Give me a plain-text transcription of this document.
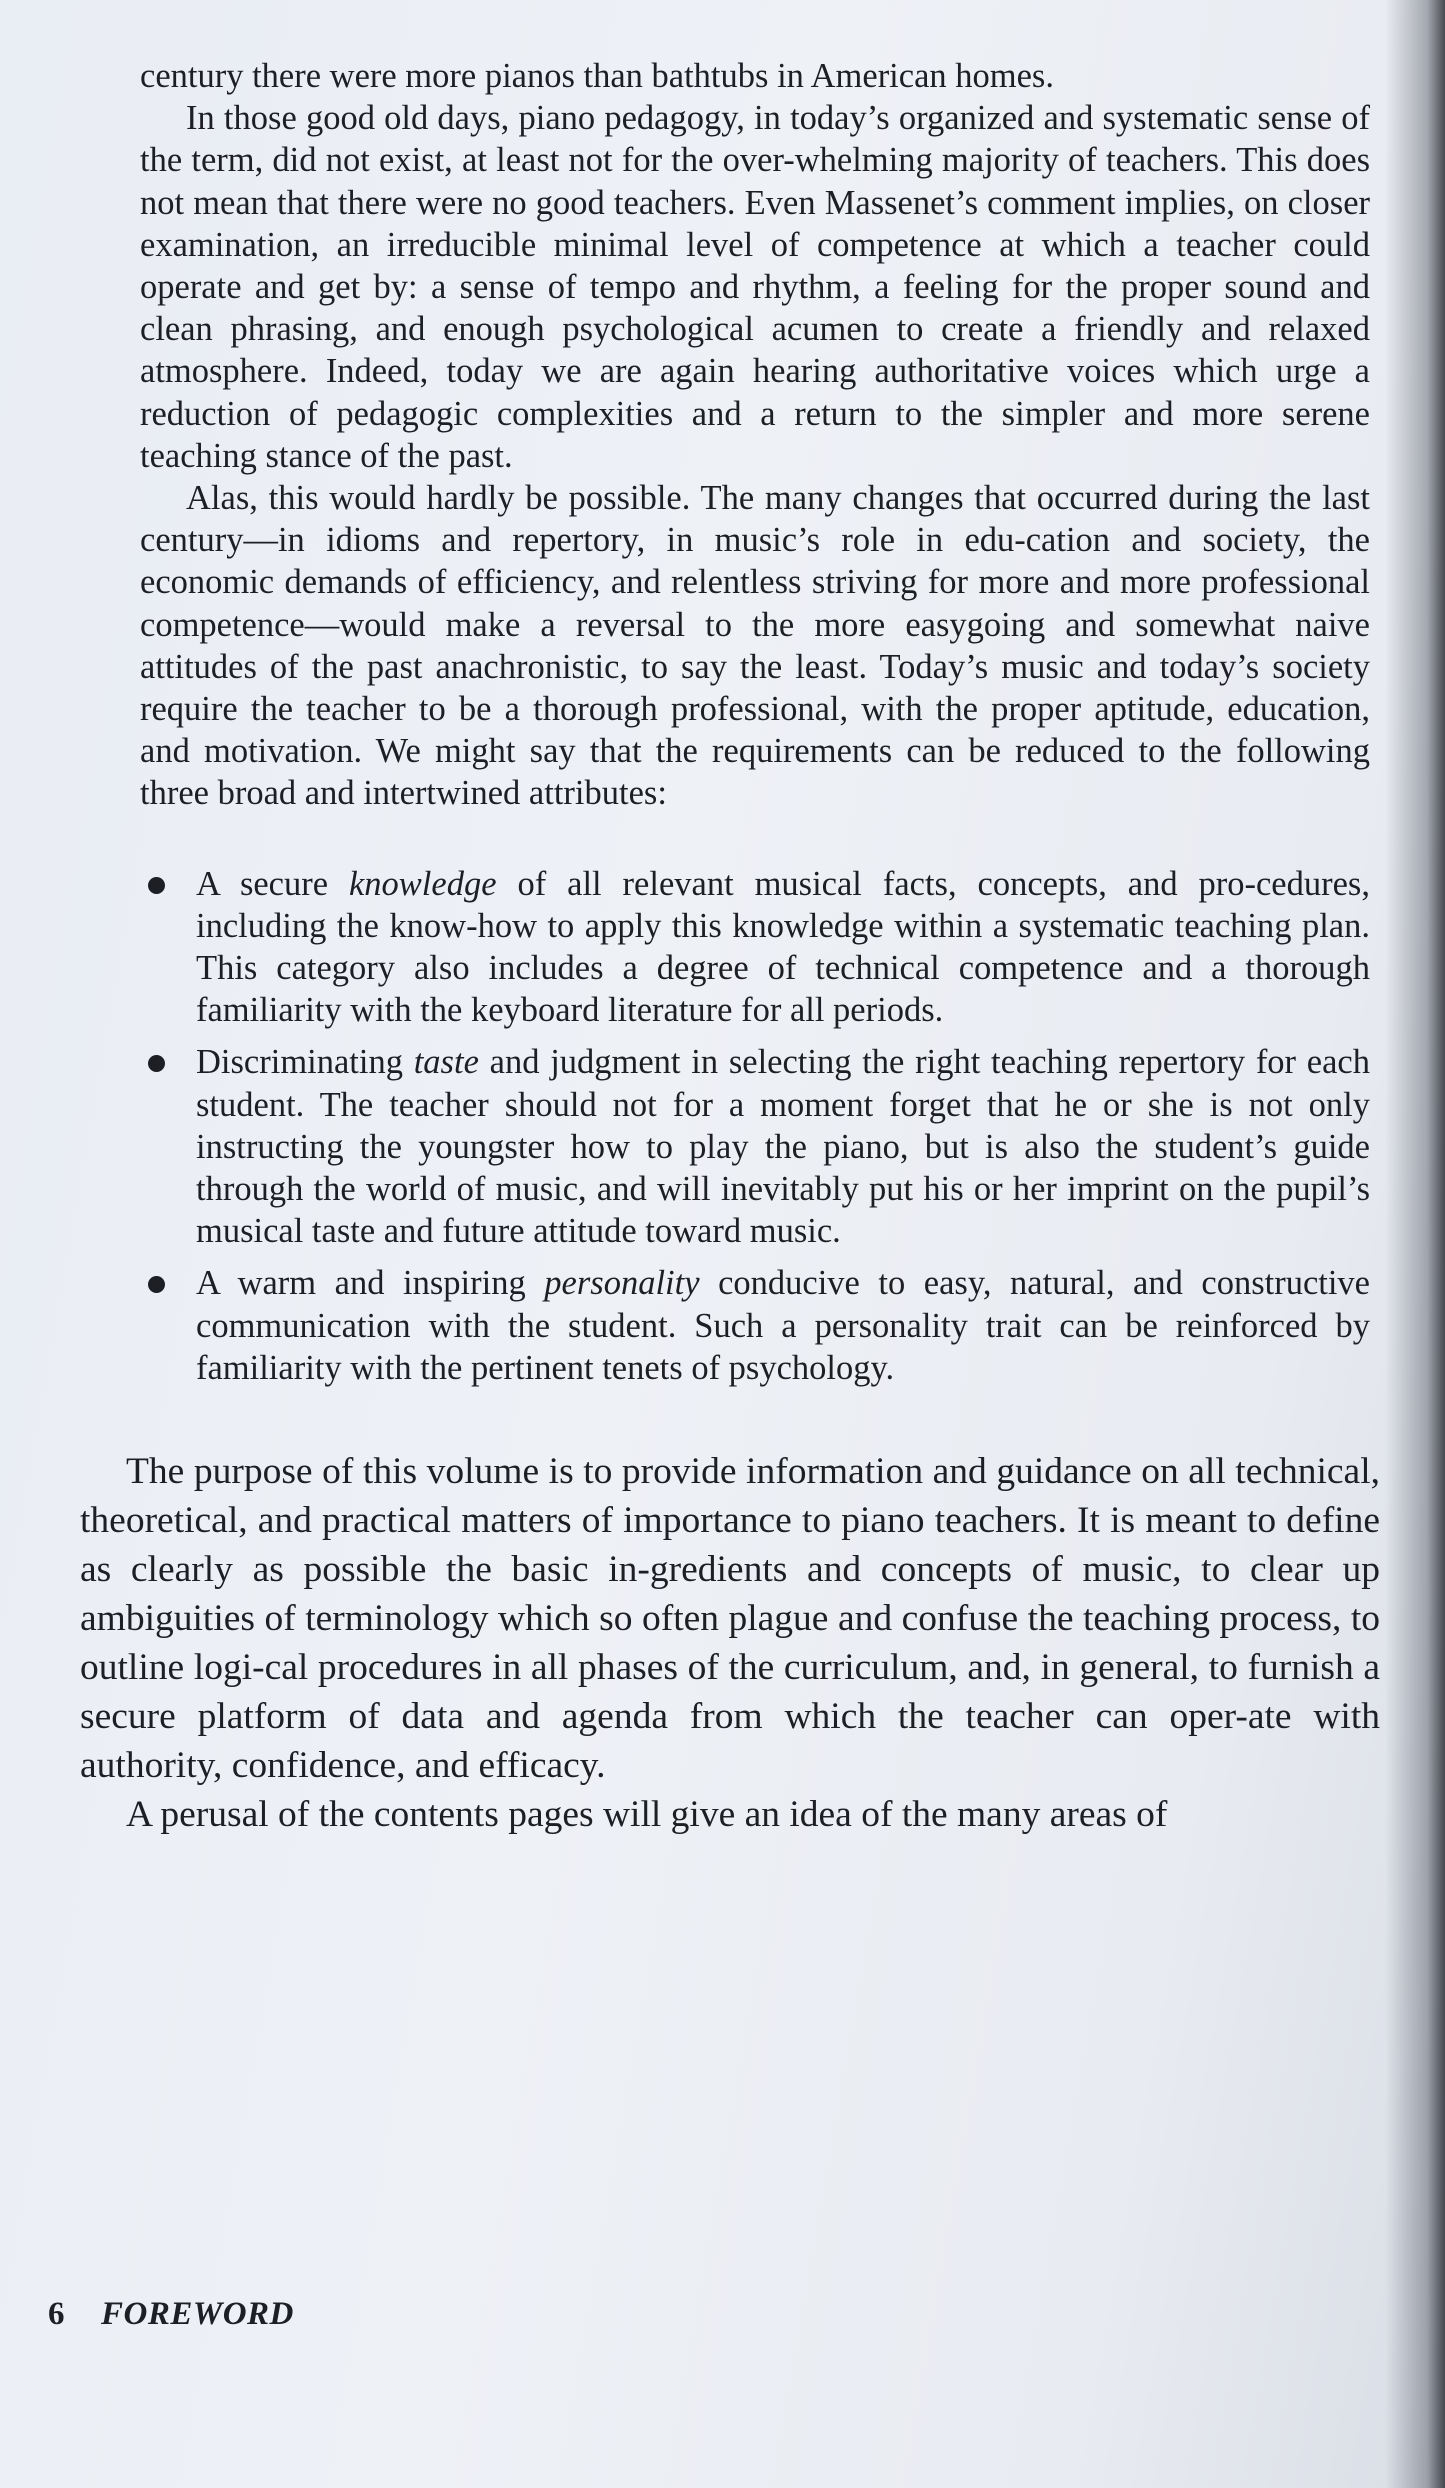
century there were more pianos than bathtubs in American homes.

In those good old days, piano pedagogy, in today’s organized and systematic sense of the term, did not exist, at least not for the over-whelming majority of teachers. This does not mean that there were no good teachers. Even Massenet’s comment implies, on closer examination, an irreducible minimal level of competence at which a teacher could operate and get by: a sense of tempo and rhythm, a feeling for the proper sound and clean phrasing, and enough psychological acumen to create a friendly and relaxed atmosphere. Indeed, today we are again hearing authoritative voices which urge a reduction of pedagogic complexities and a return to the simpler and more serene teaching stance of the past.

Alas, this would hardly be possible. The many changes that occurred during the last century—in idioms and repertory, in music’s role in edu-cation and society, the economic demands of efficiency, and relentless striving for more and more professional competence—would make a reversal to the more easygoing and somewhat naive attitudes of the past anachronistic, to say the least. Today’s music and today’s society require the teacher to be a thorough professional, with the proper aptitude, education, and motivation. We might say that the requirements can be reduced to the following three broad and intertwined attributes:

A secure knowledge of all relevant musical facts, concepts, and pro-cedures, including the know-how to apply this knowledge within a systematic teaching plan. This category also includes a degree of technical competence and a thorough familiarity with the keyboard literature for all periods.
Discriminating taste and judgment in selecting the right teaching repertory for each student. The teacher should not for a moment forget that he or she is not only instructing the youngster how to play the piano, but is also the student’s guide through the world of music, and will inevitably put his or her imprint on the pupil’s musical taste and future attitude toward music.
A warm and inspiring personality conducive to easy, natural, and constructive communication with the student. Such a personality trait can be reinforced by familiarity with the pertinent tenets of psychology.

The purpose of this volume is to provide information and guidance on all technical, theoretical, and practical matters of importance to piano teachers. It is meant to define as clearly as possible the basic in-gredients and concepts of music, to clear up ambiguities of terminology which so often plague and confuse the teaching process, to outline logi-cal procedures in all phases of the curriculum, and, in general, to furnish a secure platform of data and agenda from which the teacher can oper-ate with authority, confidence, and efficacy.

A perusal of the contents pages will give an idea of the many areas of

6 FOREWORD
